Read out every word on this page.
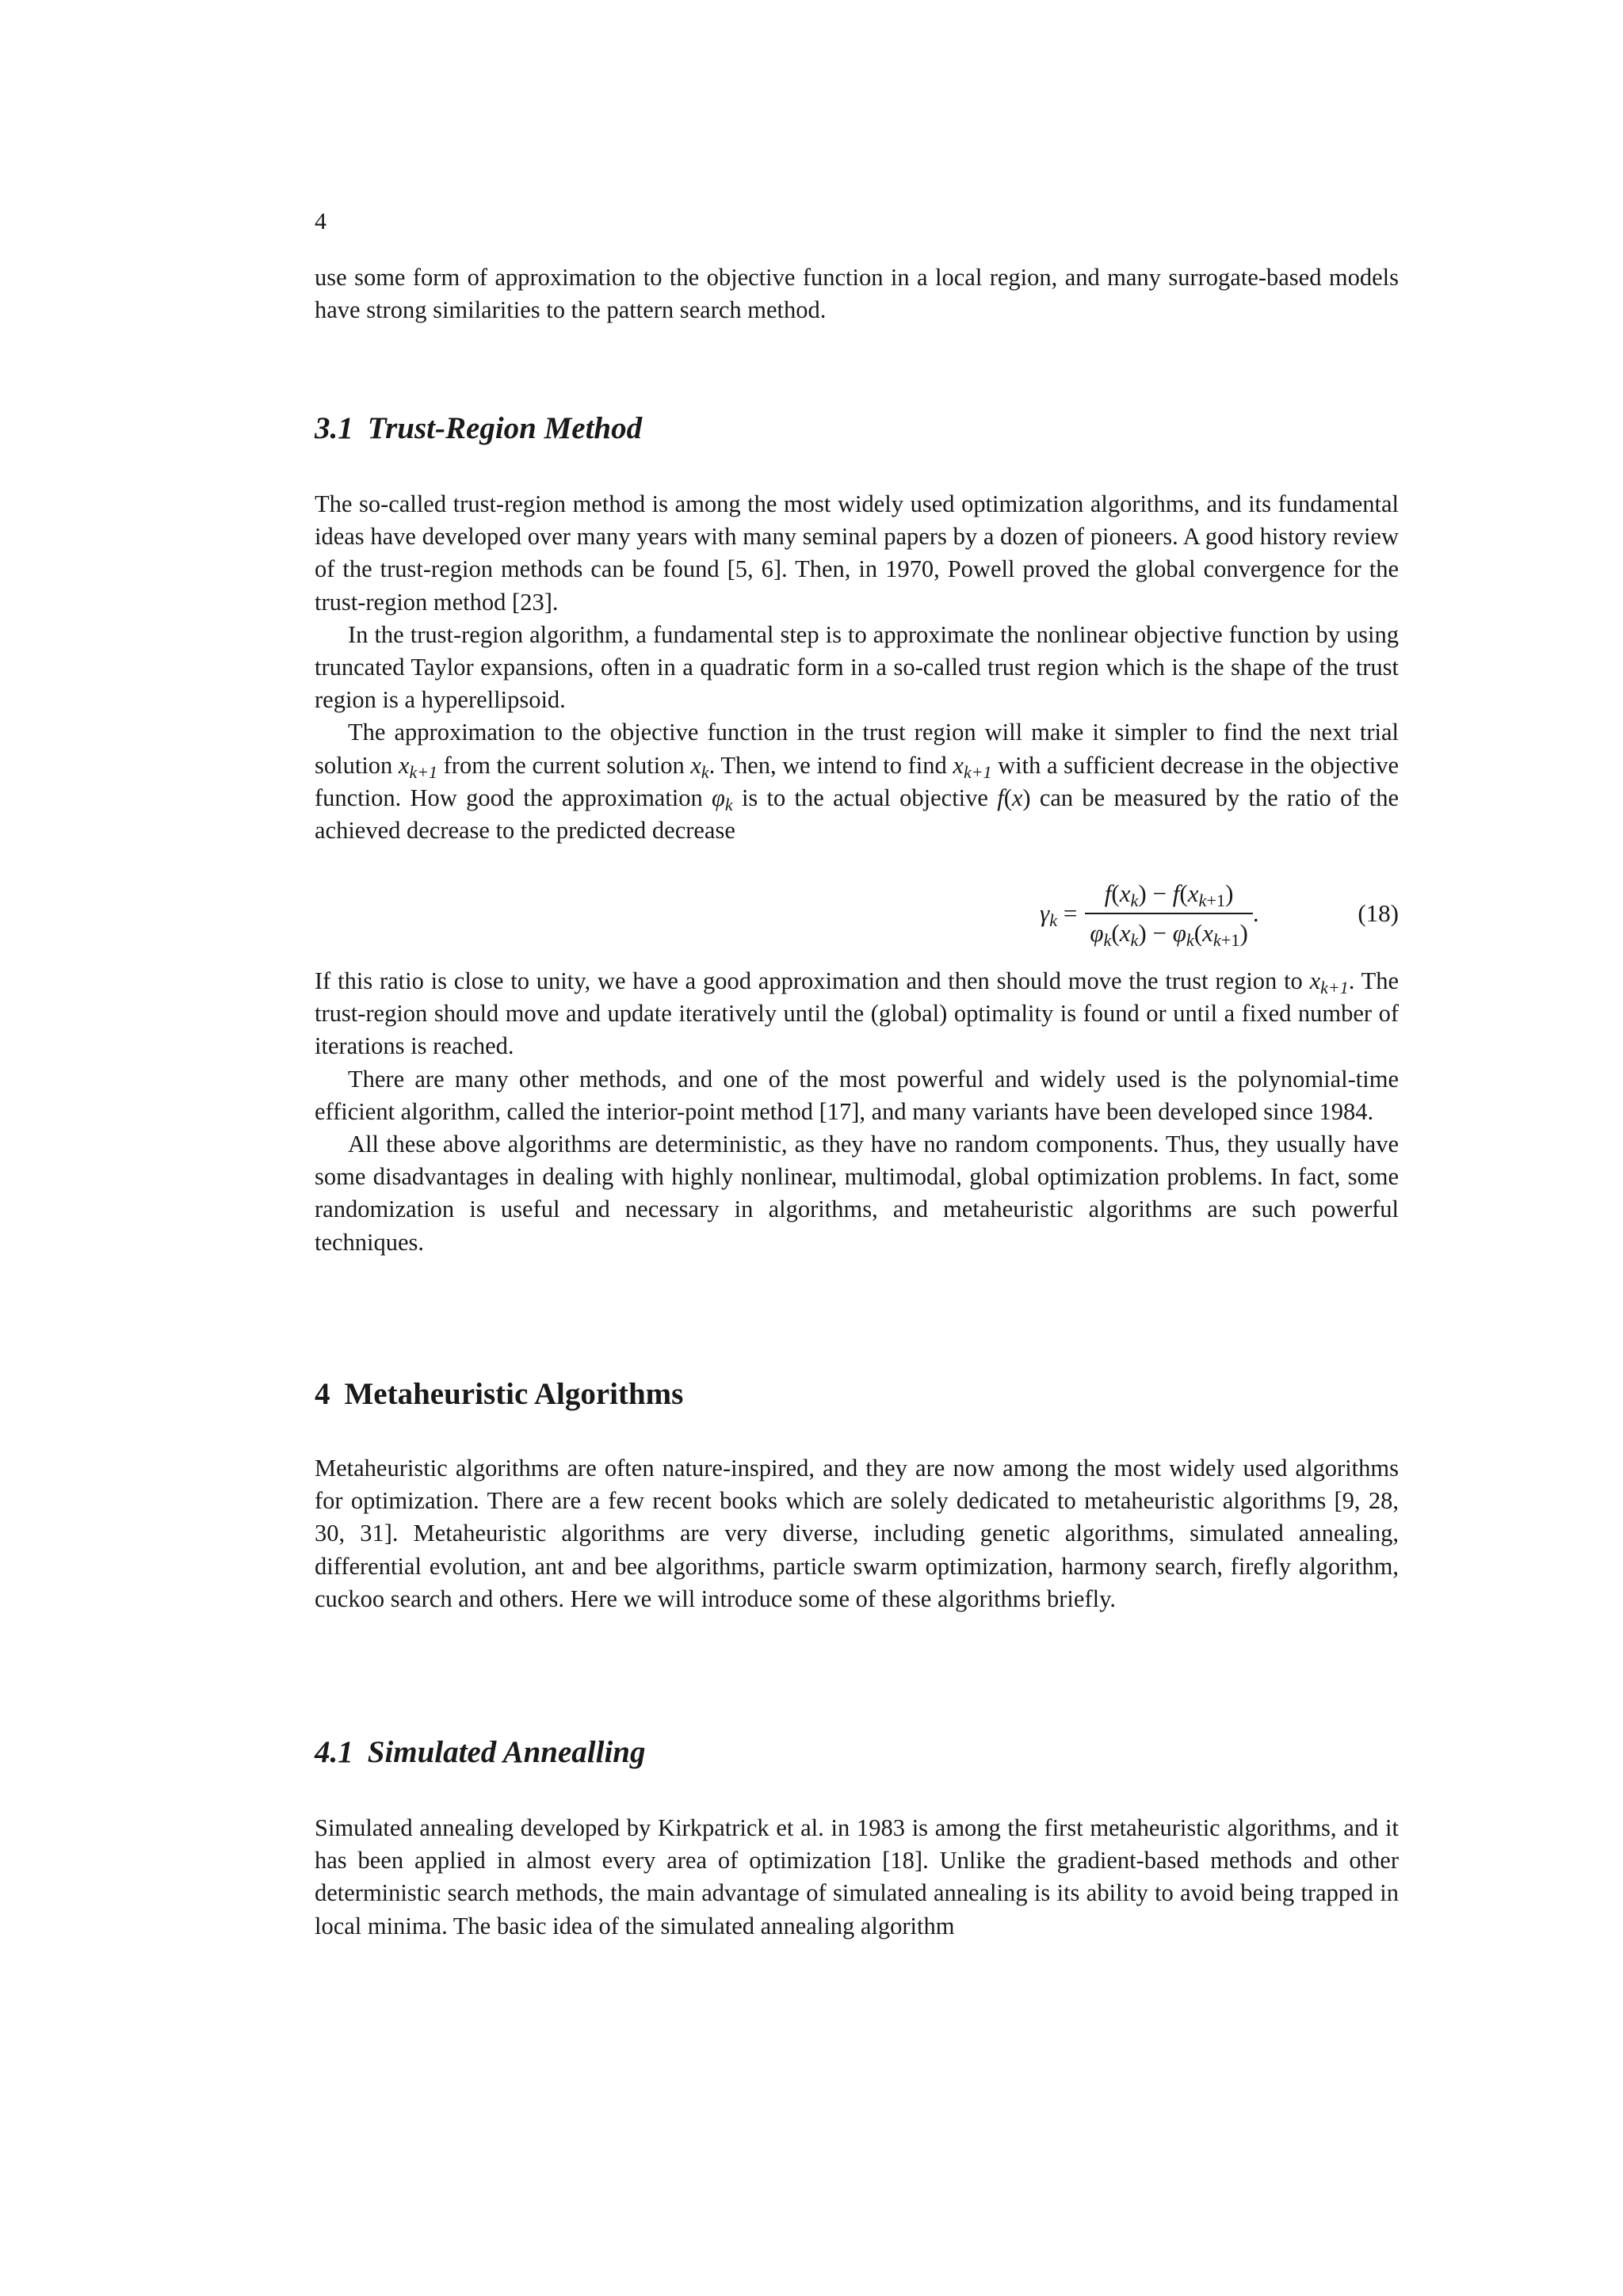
4

use some form of approximation to the objective function in a local region, and many surrogate-based models have strong similarities to the pattern search method.

3.1 Trust-Region Method

The so-called trust-region method is among the most widely used optimization algorithms, and its fundamental ideas have developed over many years with many seminal papers by a dozen of pioneers. A good history review of the trust-region methods can be found [5, 6]. Then, in 1970, Powell proved the global convergence for the trust-region method [23].

In the trust-region algorithm, a fundamental step is to approximate the nonlinear objective function by using truncated Taylor expansions, often in a quadratic form in a so-called trust region which is the shape of the trust region is a hyperellipsoid.

The approximation to the objective function in the trust region will make it simpler to find the next trial solution $x_{k+1}$ from the current solution $x_k$. Then, we intend to find $x_{k+1}$ with a sufficient decrease in the objective function. How good the approximation $\varphi_k$ is to the actual objective f(x) can be measured by the ratio of the achieved decrease to the predicted decrease

$\gamma_k = \frac{f(x_k) - f(x_{k+1})}{\varphi_k(x_k) - \varphi_k(x_{k+1})}$ .	(18)

If this ratio is close to unity, we have a good approximation and then should move the trust region to $x_{k+1}$. The trust-region should move and update iteratively until the (global) optimality is found or until a fixed number of iterations is reached.

There are many other methods, and one of the most powerful and widely used is the polynomial-time efficient algorithm, called the interior-point method [17], and many variants have been developed since 1984.

All these above algorithms are deterministic, as they have no random components. Thus, they usually have some disadvantages in dealing with highly nonlinear, multimodal, global optimization problems. In fact, some randomization is useful and necessary in algorithms, and metaheuristic algorithms are such powerful techniques.

4 Metaheuristic Algorithms

Metaheuristic algorithms are often nature-inspired, and they are now among the most widely used algorithms for optimization. There are a few recent books which are solely dedicated to metaheuristic algorithms [9, 28, 30, 31]. Metaheuristic algorithms are very diverse, including genetic algorithms, simulated annealing, differential evolution, ant and bee algorithms, particle swarm optimization, harmony search, firefly algorithm, cuckoo search and others. Here we will introduce some of these algorithms briefly.

4.1 Simulated Annealling

Simulated annealing developed by Kirkpatrick et al. in 1983 is among the first metaheuristic algorithms, and it has been applied in almost every area of optimization [18]. Unlike the gradient-based methods and other deterministic search methods, the main advantage of simulated annealing is its ability to avoid being trapped in local minima. The basic idea of the simulated annealing algorithm
